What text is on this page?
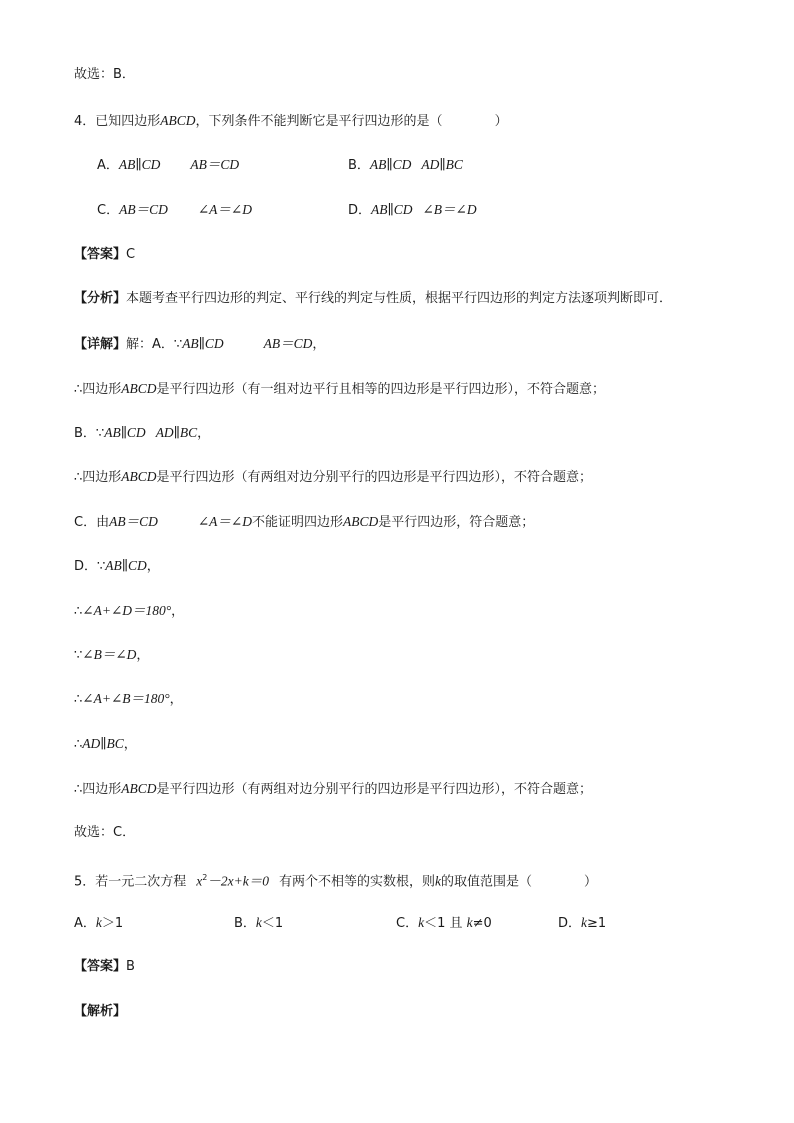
故选：B．
4．已知四边形ABCD，下列条件不能判断它是平行四边形的是（	）
A．AB∥CD AB＝CD	B．AB∥CD AD∥BC
C．AB＝CD ∠A＝∠D	D．AB∥CD ∠B＝∠D
【答案】C
【分析】本题考查平行四边形的判定、平行线的判定与性质，根据平行四边形的判定方法逐项判断即可．
【详解】解：A．∵AB∥CD	AB＝CD，
∴四边形ABCD是平行四边形（有一组对边平行且相等的四边形是平行四边形），不符合题意；
B．∵AB∥CD AD∥BC，
∴四边形ABCD是平行四边形（有两组对边分别平行的四边形是平行四边形），不符合题意；
C．由AB＝CD	∠A＝∠D不能证明四边形ABCD是平行四边形，符合题意；
D．∵AB∥CD，
∴∠A+∠D＝180°，
∵∠B＝∠D，
∴∠A+∠B＝180°，
∴AD∥BC，
∴四边形ABCD是平行四边形（有两组对边分别平行的四边形是平行四边形），不符合题意；
故选：C．
5．若一元二次方程 $x^2-2x+k=0$ 有两个不相等的实数根，则k的取值范围是（	）
A．k＞1	B．k＜1	C．k＜1 且 k≠0	D．k≥1
【答案】B
【解析】
